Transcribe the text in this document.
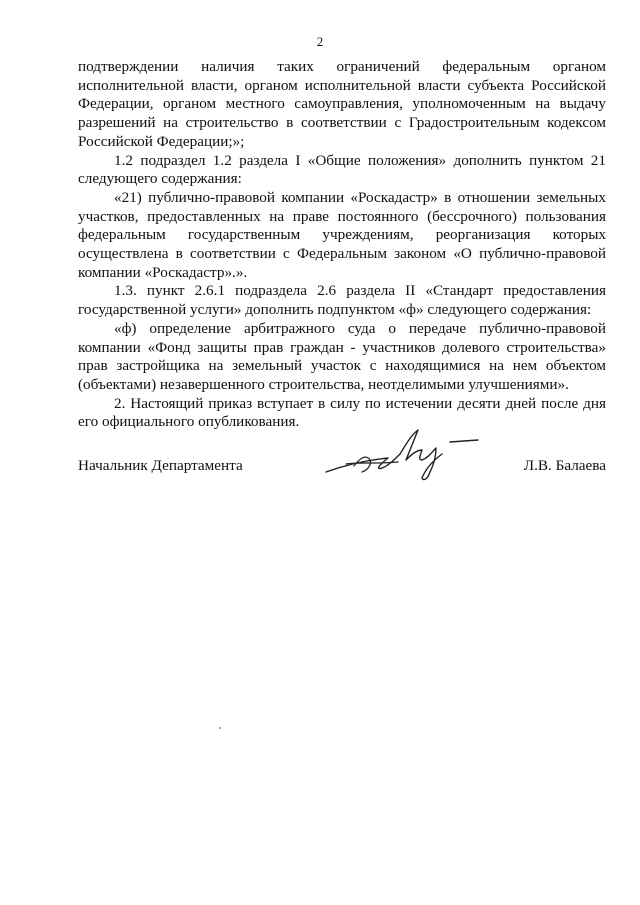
2

подтверждении наличия таких ограничений федеральным органом исполнительной власти, органом исполнительной власти субъекта Российской Федерации, органом местного самоуправления, уполномоченным на выдачу разрешений на строительство в соответствии с Градостроительным кодексом Российской Федерации;»;

1.2 подраздел 1.2 раздела I «Общие положения» дополнить пунктом 21 следующего содержания:

«21) публично-правовой компании «Роскадастр» в отношении земельных участков, предоставленных на праве постоянного (бессрочного) пользования федеральным государственным учреждениям, реорганизация которых осуществлена в соответствии с Федеральным законом «О публично-правовой компании «Роскадастр».».

1.3. пункт 2.6.1 подраздела 2.6 раздела II «Стандарт предоставления государственной услуги» дополнить подпунктом «ф» следующего содержания:

«ф) определение арбитражного суда о передаче публично-правовой компании «Фонд защиты прав граждан - участников долевого строительства» прав застройщика на земельный участок с находящимися на нем объектом (объектами) незавершенного строительства, неотделимыми улучшениями».

2. Настоящий приказ вступает в силу по истечении десяти дней после дня его официального опубликования.

Начальник Департамента	Л.В. Балаева
